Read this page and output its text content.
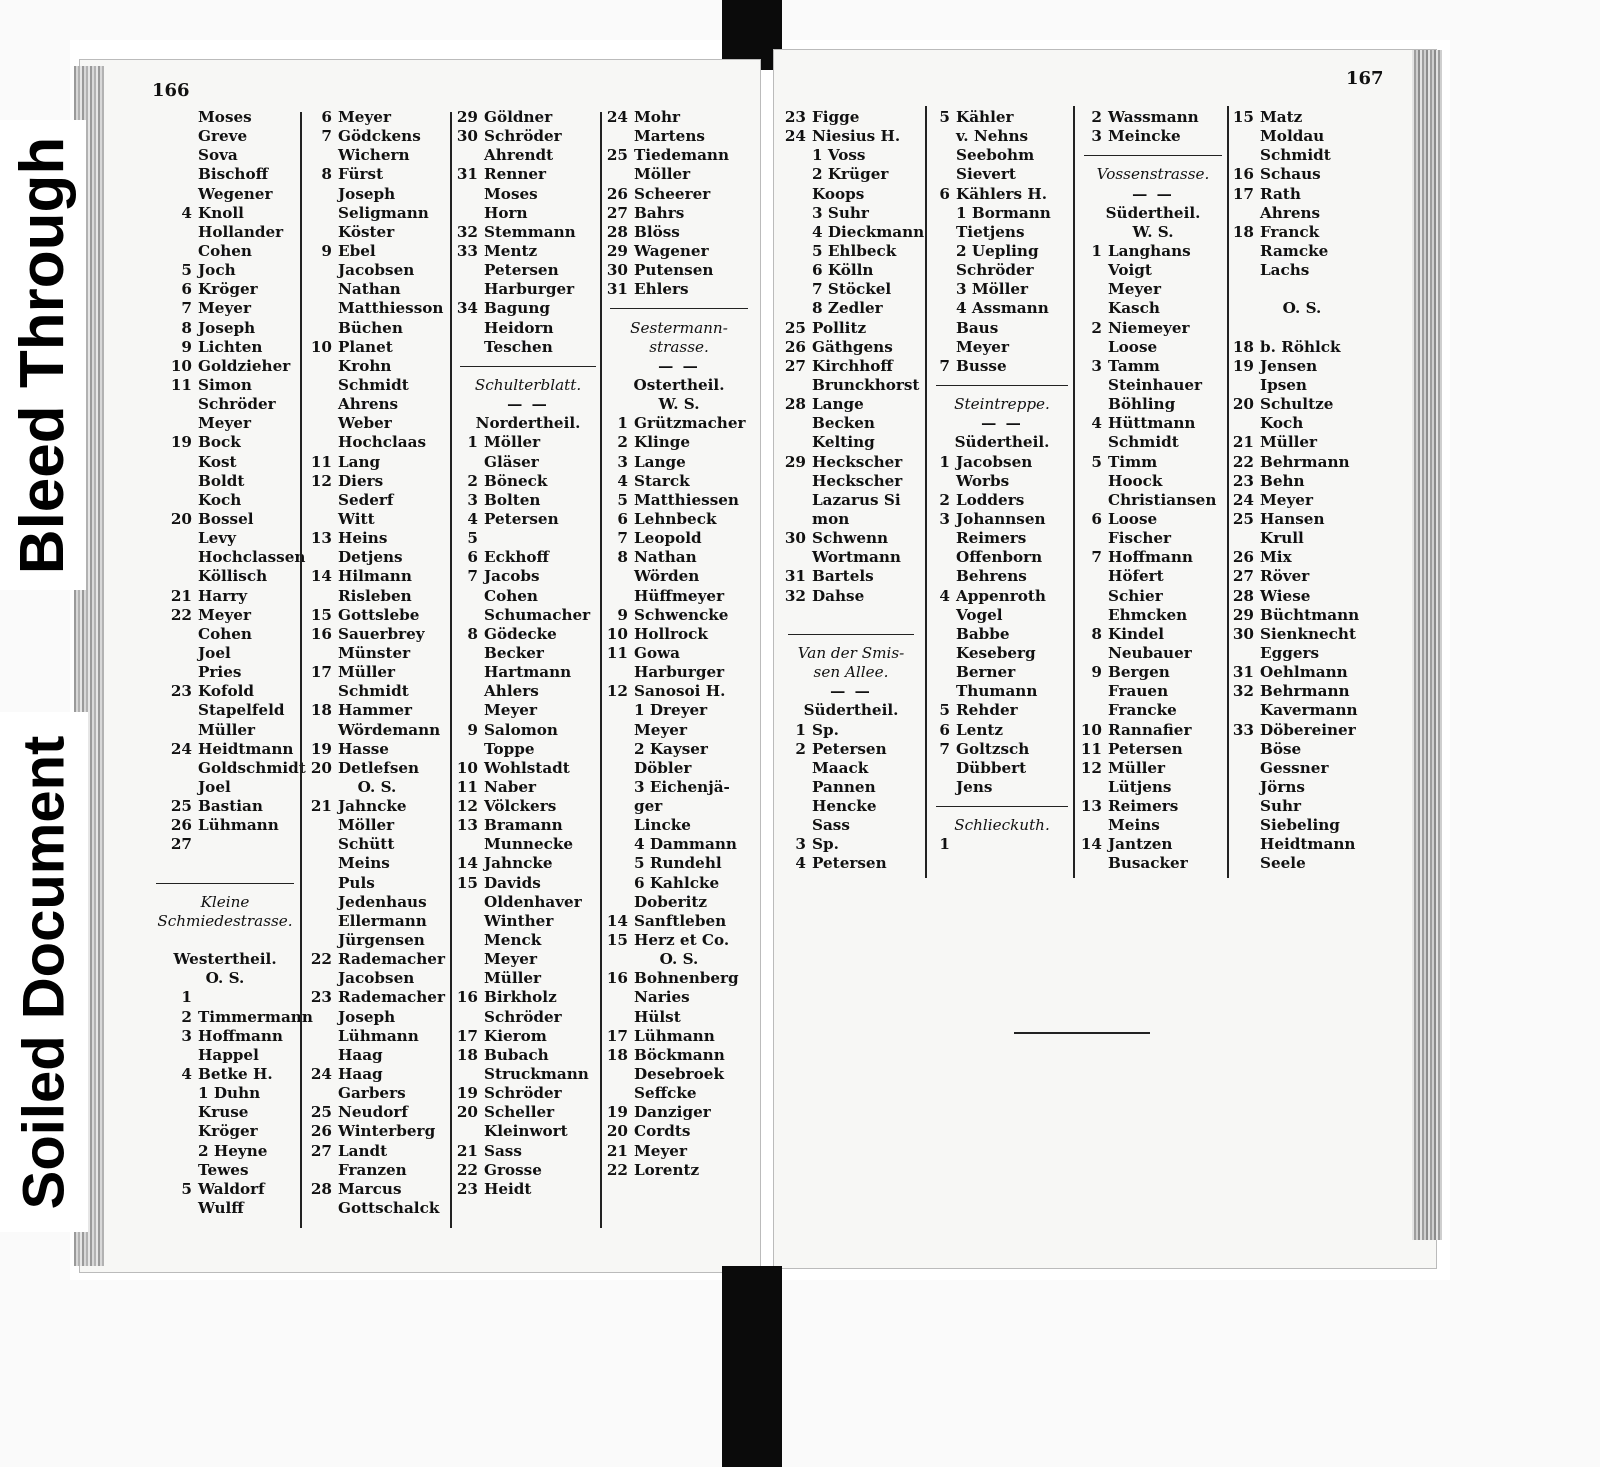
Bleed Through
Soiled Document
166
167
Moses
Greve
Sova
Bischoff
Wegener
4 Knoll
Hollander
Cohen
5 Joch
6 Kröger
7 Meyer
8 Joseph
9 Lichten
10 Goldzieher
11 Simon
Schröder
Meyer
19 Bock
Kost
Boldt
Koch
20 Bossel
Levy
Hochclassen
Köllisch
21 Harry
22 Meyer
Cohen
Joel
Pries
23 Kofold
Stapelfeld
Müller
24 Heidtmann
Goldschmidt
Joel
25 Bastian
26 Lühmann
27
Kleine
Schmiedestrasse.
Westertheil.
O. S.
1
2 Timmermann
3 Hoffmann
Happel
4 Betke H.
1 Duhn
Kruse
Kröger
2 Heyne
Tewes
5 Waldorf
Wulff
6 Meyer
7 Gödckens
Wichern
8 Fürst
Joseph
Seligmann
Köster
9 Ebel
Jacobsen
Nathan
Matthiesson
Büchen
10 Planet
Krohn
Schmidt
Ahrens
Weber
Hochclaas
11 Lang
12 Diers
Sederf
Witt
13 Heins
Detjens
14 Hilmann
Risleben
15 Gottslebe
16 Sauerbrey
Münster
17 Müller
Schmidt
18 Hammer
Wördemann
19 Hasse
20 Detlefsen
O. S.
21 Jahncke
Möller
Schütt
Meins
Puls
Jedenhaus
Ellermann
Jürgensen
22 Rademacher
Jacobsen
23 Rademacher
Joseph
Lühmann
Haag
24 Haag
Garbers
25 Neudorf
26 Winterberg
27 Landt
Franzen
28 Marcus
Gottschalck
29 Göldner
30 Schröder
Ahrendt
31 Renner
Moses
Horn
32 Stemmann
33 Mentz
Petersen
Harburger
34 Bagung
Heidorn
Teschen
Schulterblatt.
— —
Nordertheil.
1 Möller
Gläser
2 Böneck
3 Bolten
4 Petersen
5
6 Eckhoff
7 Jacobs
Cohen
Schumacher
8 Gödecke
Becker
Hartmann
Ahlers
Meyer
9 Salomon
Toppe
10 Wohlstadt
11 Naber
12 Völckers
13 Bramann
Munnecke
14 Jahncke
15 Davids
Oldenhaver
Winther
Menck
Meyer
Müller
16 Birkholz
Schröder
17 Kierom
18 Bubach
Struckmann
19 Schröder
20 Scheller
Kleinwort
21 Sass
22 Grosse
23 Heidt
24 Mohr
Martens
25 Tiedemann
Möller
26 Scheerer
27 Bahrs
28 Blöss
29 Wagener
30 Putensen
31 Ehlers
Sestermann-
strasse.
— —
Ostertheil.
W. S.
1 Grützmacher
2 Klinge
3 Lange
4 Starck
5 Matthiessen
6 Lehnbeck
7 Leopold
8 Nathan
Wörden
Hüffmeyer
9 Schwencke
10 Hollrock
11 Gowa
Harburger
12 Sanosoi H.
1 Dreyer
Meyer
2 Kayser
Döbler
3 Eichenjä-
ger
Lincke
4 Dammann
5 Rundehl
6 Kahlcke
Doberitz
14 Sanftleben
15 Herz et Co.
O. S.
16 Bohnenberg
Naries
Hülst
17 Lühmann
18 Böckmann
Desebroek
Seffcke
19 Danziger
20 Cordts
21 Meyer
22 Lorentz
23 Figge
24 Niesius H.
1 Voss
2 Krüger
Koops
3 Suhr
4 Dieckmann
5 Ehlbeck
6 Kölln
7 Stöckel
8 Zedler
25 Pollitz
26 Gäthgens
27 Kirchhoff
Brunckhorst
28 Lange
Becken
Kelting
29 Heckscher
Heckscher
Lazarus Si
mon
30 Schwenn
Wortmann
31 Bartels
32 Dahse
Van der Smis-
sen Allee.
— —
Südertheil.
1 Sp.
2 Petersen
Maack
Pannen
Hencke
Sass
3 Sp.
4 Petersen
5 Kähler
v. Nehns
Seebohm
Sievert
6 Kählers H.
1 Bormann
Tietjens
2 Uepling
Schröder
3 Möller
4 Assmann
Baus
Meyer
7 Busse
Steintreppe.
— —
Südertheil.
1 Jacobsen
Worbs
2 Lodders
3 Johannsen
Reimers
Offenborn
Behrens
4 Appenroth
Vogel
Babbe
Keseberg
Berner
Thumann
5 Rehder
6 Lentz
7 Goltzsch
Dübbert
Jens
Schlieckuth.
1
2 Wassmann
3 Meincke
Vossenstrasse.
— —
Südertheil.
W. S.
1 Langhans
Voigt
Meyer
Kasch
2 Niemeyer
Loose
3 Tamm
Steinhauer
Böhling
4 Hüttmann
Schmidt
5 Timm
Hoock
Christiansen
6 Loose
Fischer
7 Hoffmann
Höfert
Schier
Ehmcken
8 Kindel
Neubauer
9 Bergen
Frauen
Francke
10 Rannafier
11 Petersen
12 Müller
Lütjens
13 Reimers
Meins
14 Jantzen
Busacker
15 Matz
Moldau
Schmidt
16 Schaus
17 Rath
Ahrens
18 Franck
Ramcke
Lachs
O. S.
18 b. Röhlck
19 Jensen
Ipsen
20 Schultze
Koch
21 Müller
22 Behrmann
23 Behn
24 Meyer
25 Hansen
Krull
26 Mix
27 Röver
28 Wiese
29 Büchtmann
30 Sienknecht
Eggers
31 Oehlmann
32 Behrmann
Kavermann
33 Döbereiner
Böse
Gessner
Jörns
Suhr
Siebeling
Heidtmann
Seele
